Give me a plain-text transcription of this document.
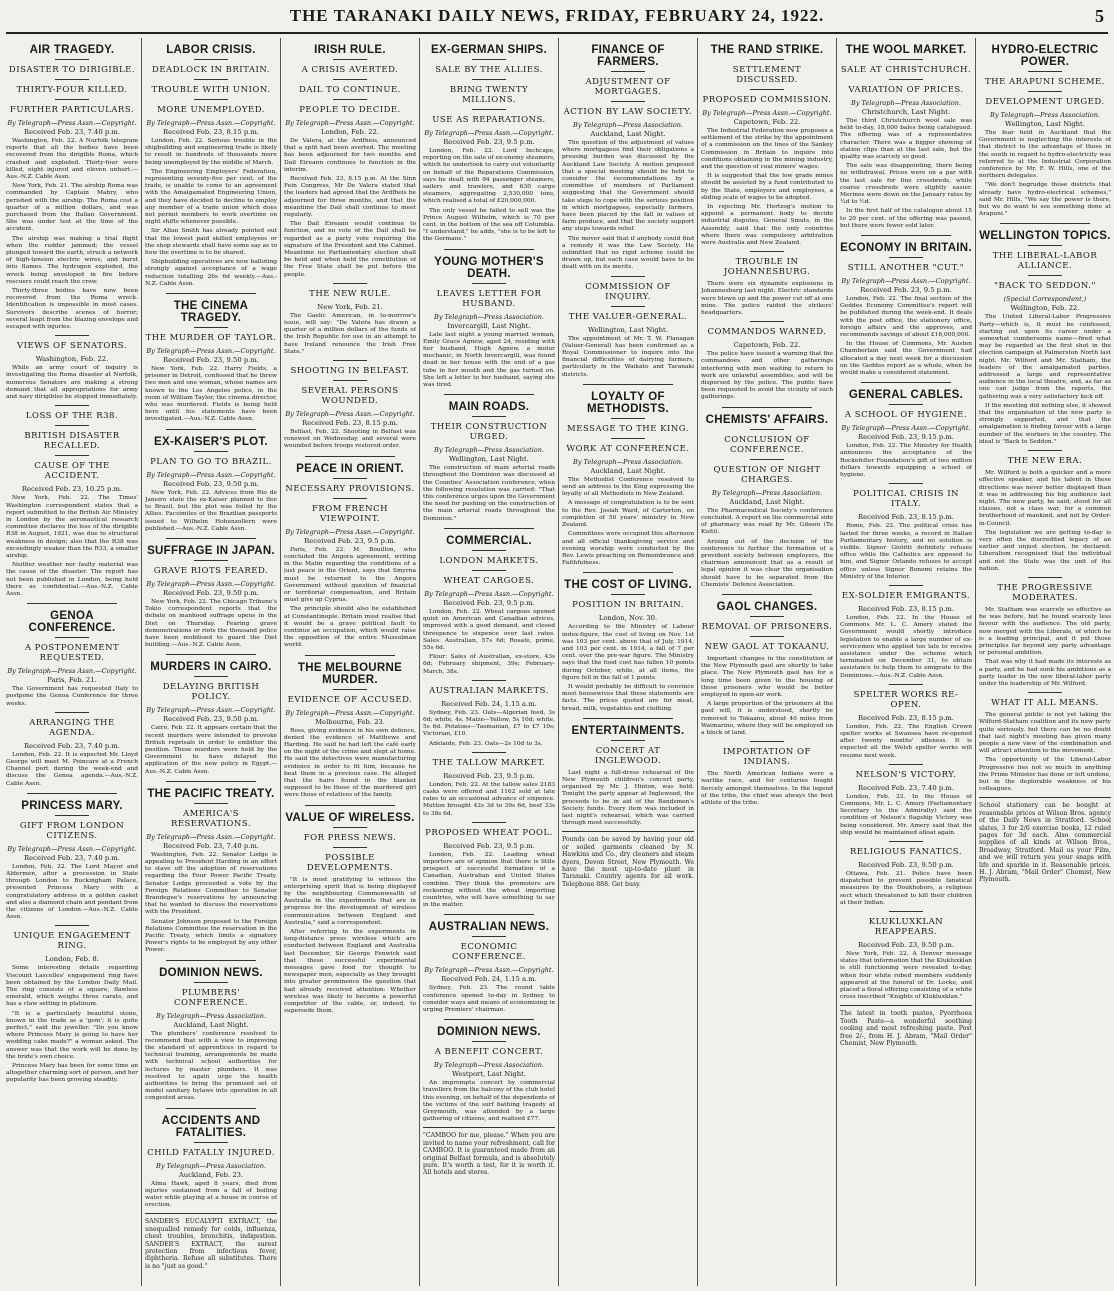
THE TARANAKI DAILY NEWS, FRIDAY, FEBRUARY 24, 1922.	5
AIR TRAGEDY.
DISASTER TO DIRIGIBLE.
THIRTY-FOUR KILLED.
FURTHER PARTICULARS.
By Telegraph—Press Assn.—Copyright.
Received Feb. 23, 7.40 p.m.

Washington, Feb. 22. A Norfolk telegram reports that all the bodies have been recovered from the dirigible Roma, which crashed and exploded. Thirty-four were killed, eight injured and eleven unhurt.—Aus.-N.Z. Cable Assn.

New York, Feb. 21. The airship Roma was commanded by Captain Mabry, who perished with the airship. The Roma cost a quarter of a million dollars, and was purchased from the Italian Government. She was under test at the time of the accident.

The airship was making a trial flight when the rudder jammed; the vessel plunged toward the earth, struck a network of high-tension electric wires, and burst into flames. The hydrogen exploded, the wreck being enveloped in fire before rescuers could reach the crew.

Thirty-three bodies have now been recovered from the Roma wreck. Identification is impossible in most cases. Survivors describe scenes of horror; several leapt from the blazing envelope and escaped with injuries.

VIEWS OF SENATORS.
Washington, Feb. 22.

While an army court of inquiry is investigating the Roma disaster at Norfolk, numerous Senators are making a strong demand that all appropriations for army and navy dirigibles be stopped immediately.

LOSS OF THE R38.
BRITISH DISASTER RECALLED.
CAUSE OF THE ACCIDENT.
Received Feb. 23, 10.25 p.m.

New York, Feb. 22. The Times' Washington correspondent states that a report submitted to the British Air Ministry in London by the aeronautical research committee declares the loss of the dirigible R38 in August, 1921, was due to structural weakness in design; also that the R38 was exceedingly weaker than the R33, a smaller airship.

Neither weather nor faulty material was the cause of the disaster. The report has not been published in London, being held there as confidential.—Aus.-N.Z. Cable Assn.

GENOA CONFERENCE.
A POSTPONEMENT REQUESTED.
By Telegraph—Press Assn.—Copyright.
Paris, Feb. 21.

The Government has requested Italy to postpone the Genoa Conference for three weeks.

ARRANGING THE AGENDA.
Received Feb. 23, 7.40 p.m.

London, Feb. 22. It is expected Mr. Lloyd George will meet M. Poincare at a French Channel port during the week-end and discuss the Genoa agenda.—Aus.-N.Z. Cable Assn.

PRINCESS MARY.
GIFT FROM LONDON CITIZENS.
By Telegraph—Press Assn.—Copyright.
Received Feb. 23, 7.40 p.m.

London, Feb. 22. The Lord Mayor and Aldermen, after a procession in State through London to Buckingham Palace, presented Princess Mary with a congratulatory address in a golden casket and also a diamond chain and pendant from the citizens of London.—Aus.-N.Z. Cable Assn.

UNIQUE ENGAGEMENT RING.
London, Feb. 8.

Some interesting details regarding Viscount Lascelles' engagement ring have been obtained by the London Daily Mail. The ring consists of a square, flawless emerald, which weighs three carats, and has a claw setting in platinum.

"It is a particularly beautiful stone, known in the trade as a 'gem'; it is quite perfect," said the jeweller. "Do you know where Princess Mary is going to have her wedding cake made?" a woman asked. The answer was that the work will be done by the bride's own choice.

Princess Mary has been for some time an altogether charming sort of person, and her popularity has been growing steadily.

LABOR CRISIS.
DEADLOCK IN BRITAIN.
TROUBLE WITH UNION.
MORE UNEMPLOYED.
By Telegraph—Press Assn.—Copyright.
Received Feb. 23, 8.15 p.m.

London, Feb. 22. Serious trouble in the shipbuilding and engineering trade is likely to result in hundreds of thousands more being unemployed by the middle of March.

The Engineering Employers' Federation, representing seventy-five per cent. of the trade, is unable to come to an agreement with the Amalgamated Engineering Union, and they have decided to decline to employ any member of a trade union which does not permit members to work overtime on night shifts whenever possible.

Sir Allan Smith has already pointed out that the lowest paid skilled employees or the shop stewards shall have some say as to how the overtime is to be shared.

Shipbuilding operatives are now balloting strongly against acceptance of a wage reduction totalling 26s 6d weekly.—Aus.-N.Z. Cable Assn.

THE CINEMA TRAGEDY.
THE MURDER OF TAYLOR.
By Telegraph—Press Assn.—Copyright.
Received Feb. 23, 9.50 p.m.

New York, Feb. 22. Harry Fields, a prisoner in Detroit, confessed that he threw two men and one woman, whose names are known to the Los Angeles police, in the room of William Taylor, the cinema director, who was murdered. Fields is being held here until his statements have been investigated.—Aus.-N.Z. Cable Assn.

EX-KAISER'S PLOT.
PLAN TO GO TO BRAZIL.
By Telegraph—Press Assn.—Copyright.
Received Feb. 23, 9.50 p.m.

New York, Feb. 22. Advices from Rio de Janeiro state the ex-Kaiser planned to flee to Brazil, but the plot was foiled by the Allies. Facsimiles of the Brazilian passports issued to Wilhelm Hohenzollern were published.—Aus.-N.Z. Cable Assn.

SUFFRAGE IN JAPAN.
GRAVE RIOTS FEARED.
By Telegraph—Press Assn.—Copyright.
Received Feb. 23, 9.50 p.m.

New York, Feb. 22. The Chicago Tribune's Tokio correspondent reports that the debate on manhood suffrage opens in the Diet on Thursday. Fearing grave demonstrations or riots the thousand police have been mobilised to guard the Diet building.—Aus.-N.Z. Cable Assn.

MURDERS IN CAIRO.
DELAYING BRITISH POLICY.
By Telegraph—Press Assn.—Copyright.
Received Feb. 23, 9.50 p.m.

Cairo, Feb. 22. It appears certain that the recent murders were intended to provoke British reprisals in order to embitter the position. These murders were held by the Government to have delayed the application of the new policy in Egypt.—Aus.-N.Z. Cable Assn.

THE PACIFIC TREATY.
AMERICA'S RESERVATIONS.
By Telegraph—Press Assn.—Copyright.
Received Feb. 23, 7.40 p.m.

Washington, Feb. 22. Senator Lodge is appealing to President Harding in an effort to stave off the adoption of reservations regarding the Four Power Pacific Treaty. Senator Lodge proceeded a vote by the Foreign Relations Committee to Senator Brandegee's reservations by announcing that he wanted to discuss the reservations with the President.

Senator Johnson proposed to the Foreign Relations Committee the reservation in the Pacific Treaty, which limits a signatory Power's rights to be employed by any other Power.

DOMINION NEWS.
PLUMBERS' CONFERENCE.
By Telegraph—Press Association.
Auckland, Last Night.

The plumbers' conference resolved to recommend that with a view to improving the standard of apprentices in regard to technical training, arrangements be made with technical school authorities for lectures by master plumbers. It was resolved to again urge the health authorities to bring the promised set of model sanitary bylaws into operation in all congested areas.

ACCIDENTS AND FATALITIES.
CHILD FATALLY INJURED.
By Telegraph—Press Association.
Auckland, Feb. 23.

Alma Hawk, aged 8 years, died from injuries sustained from a fall of boiling water while playing at a house in course of erection.

SANDER'S EUCALYPTI EXTRACT, the unequalled remedy for colds, influenza, chest troubles, bronchitis, indigestion. SANDER'S EXTRACT, the surest protection from infectious fever, diphtheria. Refuse all substitutes. There is no "just as good."

IRISH RULE.
A CRISIS AVERTED.
DAIL TO CONTINUE.
PEOPLE TO DECIDE.
By Telegraph—Press Assn.—Copyright.
London, Feb. 22.

De Valera, at the Ardfheis, announced that a split had been averted. The meeting has been adjourned for two months and Dail Eireann continues to function in the interim.

Received Feb. 23, 8.15 p.m. At the Sinn Fein Congress, Mr De Valera stated that the leaders had agreed that the Ardfheis be adjourned for three months, and that the meantime the Dail shall continue to meet regularly.

The Dail Eireann would continue to function, and no vote of the Dail shall be regarded as a party vote requiring the signature of the President and the Cabinet. Meantime no Parliamentary election shall be held and when held the constitution of the Free State shall be put before the people.

THE NEW RULE.
New York, Feb. 21.

The Gaelic American, in to-morrow's issue, will say: "De Valera has drawn a quarter of a million dollars of the funds of the Irish Republic for use in an attempt to have Ireland renounce the Irish Free State."

SHOOTING IN BELFAST.
SEVERAL PERSONS WOUNDED.
By Telegraph—Press Assn.—Copyright.
Received Feb. 23, 8.15 p.m.

Belfast, Feb. 22. Shooting in Belfast was renewed on Wednesday, and several were wounded before troops restored order.

PEACE IN ORIENT.
NECESSARY PROVISIONS.
FROM FRENCH VIEWPOINT.
By Telegraph—Press Assn.—Copyright.
Received Feb. 23, 9.5 p.m.

Paris, Feb. 22. M. Bouillon, who concluded the Angora agreement, writing in the Matin regarding the conditions of a just peace in the Orient, says that Smyrna must be returned to the Angora Government without question of financial or territorial compensation, and Britain must give up Cyprus.

The principle should also be established at Constantinople. Britain must realise that it would be a grave political fault to continue an occupation, which would raise the opposition of the entire Mussulman world.

THE MELBOURNE MURDER.
EVIDENCE OF ACCUSED.
By Telegraph—Press Assn.—Copyright.
Melbourne, Feb. 23.

Ross, giving evidence in his own defence, denied the evidence of Matthews and Harding. He said he had left the café early on the night of the crime and slept at home. He said the detectives were manufacturing evidence in order to fit him, because he beat them in a previous case. He alleged that the hairs found in the blanket supposed to be those of the murdered girl were those of relatives of the family.

VALUE OF WIRELESS.
FOR PRESS NEWS.
POSSIBLE DEVELOPMENTS.

"It is most gratifying to witness the enterprising spirit that is being displayed by the neighbouring Commonwealth of Australia in the experiments that are in progress for the development of wireless communication between England and Australia," said a correspondent.

After referring to the experiments in long-distance press wireless which are conducted between England and Australia last December, Sir George Fenwick said that these successful experimental messages gave food for thought to newspaper men, especially as they brought into greater prominence the question that had already received attention: Whether wireless was likely to become a powerful competitor of the cable, or, indeed, to supersede them.

EX-GERMAN SHIPS.
SALE BY THE ALLIES.
BRING TWENTY MILLIONS.
USE AS REPARATIONS.
By Telegraph—Press Assn.—Copyright.
Received Feb. 23, 9.5 p.m.

London, Feb. 22. Lord Inchcape, reporting on the sale of ex-enemy steamers, which he undertook to carry out voluntarily on behalf of the Reparations Commission, says he dealt with 94 passenger steamers, sailers and trawlers, and 630 cargo steamers, aggregating 2,530,000 tons, which realised a total of £20,000,000.

The only vessel he failed to sell was the Prince August Wilhelm, which is 70 per cent. in the bottom of the sea off Columbia. "I understand," he adds, "she is to be left to the Germans."

YOUNG MOTHER'S DEATH.
LEAVES LETTER FOR HUSBAND.
By Telegraph—Press Association.
Invercargill, Last Night.

Late last night a young married woman, Emily Grace Agnew, aged 24, residing with her husband, Hugh Agnew, a motor mechanic, in North Invercargill, was found dead in her house with the end of a gas tube in her mouth and the gas turned on. She left a letter to her husband, saying she was tired.

MAIN ROADS.
THEIR CONSTRUCTION URGED.
By Telegraph—Press Association.
Wellington, Last Night.

The construction of main arterial roads throughout the Dominion was discussed at the Counties' Association conference, when the following resolution was carried: "That this conference urges upon the Government the need for pushing on the construction of the main arterial roads throughout the Dominion."

COMMERCIAL.
LONDON MARKETS.
WHEAT CARGOES.
By Telegraph—Press Assn.—Copyright.
Received Feb. 23, 9.5 p.m.

London, Feb. 22. Wheat cargoes opened quiet on American and Canadian advices, improved with a good demand, and closed threepence to sixpence over last rates. Sales: Australian, 57s 6d; Rosafe, prime, 55s 6d.

Flour: Sales of Australian, ex-store, 43s 6d; February shipment, 39s; February-March, 38s.

AUSTRALIAN MARKETS.
Received Feb. 24, 1.15 a.m.

Sydney, Feb. 23. Oats—Algerian feed, 3s 6d; white, 4s. Maize—Yellow, 5s 10d; white, 5s 6d. Potatoes—Tasmanian, £7 to £7 10s; Victorian, £10.

Adelaide, Feb. 23. Oats—2s 10d to 3s.

THE TALLOW MARKET.
Received Feb. 23, 9.5 p.m.

London, Feb. 22. At the tallow sales 2183 casks were offered and 1162 sold at late rates to an occasional advance of sixpence. Mutton brought 42s 3d to 39s 6d, beef 33s to 38s 6d.

PROPOSED WHEAT POOL.
Received Feb. 23, 9.5 p.m.

London, Feb. 22. Leading wheat importers are of opinion that there is little prospect of successful formation of a Canadian, Australian and United States combine. They think the promoters are reckoning without the wheat importing countries, who will have something to say in the matter.

AUSTRALIAN NEWS.
ECONOMIC CONFERENCE.
By Telegraph—Press Assn.—Copyright.
Received Feb. 24, 1.15 a.m.

Sydney, Feb. 23. The round table conference opened to-day in Sydney to consider ways and means of economising in urging Premiers' chairman.

DOMINION NEWS.
A BENEFIT CONCERT.
By Telegraph—Press Association.
Westport, Last Night.

An impromptu concert by commercial travellers from the balcony of the club hotel this evening, on behalf of the dependents of the victims of the surf bathing tragedy at Greymouth, was attended by a large gathering of citizens, and realised £77.

"CAMBOO for me, please." When you are invited to name your refreshment, call for CAMBOO. It is guaranteed made from an original Belfast formula, and is absolutely pure. It's worth a test, for it is worth it. All hotels and stores.

FINANCE OF FARMERS.
ADJUSTMENT OF MORTGAGES.
ACTION BY LAW SOCIETY.
By Telegraph—Press Association.
Auckland, Last Night.

The question of the adjustment of values where mortgagees find their obligations a pressing burden was discussed by the Auckland Law Society. A motion proposed that a special meeting should be held to consider the recommendations by a committee of members of Parliament suggesting that the Government should take steps to cope with the serious position in which mortgagees, especially farmers, have been placed by the fall in values of farm produce, and that the society support any steps towards relief.

The mover said that if anybody could find a remedy it was the Law Society. He submitted that no rigid scheme could be drawn up, but each case would have to be dealt with on its merits.

COMMISSION OF INQUIRY.
THE VALUER-GENERAL.
Wellington, Last Night.

The appointment of Mr. T. W. Flanagan (Valuer-General) has been confirmed as a Royal Commissioner to inquire into the financial difficulties of dairying farmers, particularly in the Waikato and Taranaki districts.

LOYALTY OF METHODISTS.
MESSAGE TO THE KING.
WORK AT CONFERENCE.
By Telegraph—Press Association.
Auckland, Last Night.

The Methodist Conference resolved to send an address to the King expressing the loyalty of all Methodists in New Zealand.

A message of congratulation is to be sent to the Rev. Josiah Ward, of Carterton, on completion of 50 years' ministry in New Zealand.

Committees were occupied this afternoon and all official thanksgiving service and evening worship were conducted by the Rev. Lewis preaching on Remembrance and Faithfulness.

THE COST OF LIVING.
POSITION IN BRITAIN.
London, Nov. 30.

According to the Ministry of Labour index-figure, the cost of living on Nov. 1st was 103 per cent. above that of July, 1914, and 103 per cent. in 1914, a fall of 7 per cent. over the pre-war figure. The Ministry says that the food cost has fallen 10 points during October, while, at all items, the figure fell in the fall of 1 points.

It would probably be difficult to convince most housewives that these statements are facts. The prices quoted are for meat, bread, milk, vegetables and clothing.

ENTERTAINMENTS.
CONCERT AT INGLEWOOD.

Last night a full-dress rehearsal of the New Plymouth children's concert party, organised by Mr. J. Hinton, was held. Tonight the party appear at Inglewood, the proceeds to be in aid of the Bandsmen's Society funds. Every item was included in last night's rehearsal, which was carried through most successfully.

Pounds can be saved by having your old or soiled garments cleaned by N. Hawkins and Co., dry cleaners and steam dyers, Devon Street, New Plymouth. We have the most up-to-date plant in Taranaki. Country agents for all work. Telephone 888. Get busy.

THE RAND STRIKE.
SETTLEMENT DISCUSSED.
PROPOSED COMMISSION.
By Telegraph—Press Assn.—Copyright.
Capetown, Feb. 22.

The Industrial Federation now proposes a settlement of the strike by the appointment of a commission on the lines of the Sankey Commission in Britain to inquire into conditions obtaining in the mining industry, and the question of coal miners' wages.

It is suggested that the low grade mines should be assisted by a fund contributed to by the State, employers and employees, a sliding scale of wages to be adopted.

In rejecting Mr. Hertzog's motion to appoint a permanent body to decide industrial disputes, General Smuts, in the Assembly, said that the only countries where there was compulsory arbitration were Australia and New Zealand.

TROUBLE IN JOHANNESBURG.

There were six dynamite explosions in Johannesburg last night. Electric standards were blown up and the power cut off at one mine. The police raided the strikers' headquarters.

COMMANDOS WARNED.
Capetown, Feb. 22.

The police have issued a warning that the commandoes and other gatherings interfering with men waiting to return to work are unlawful assemblies, and will be dispersed by the police. The public have been requested to avoid the vicinity of such gatherings.

CHEMISTS' AFFAIRS.
CONCLUSION OF CONFERENCE.
QUESTION OF NIGHT CHARGES.
By Telegraph—Press Association.
Auckland, Last Night.

The Pharmaceutical Society's conference concluded. A report on the commercial side of pharmacy was read by Mr. Gibson (Te Kuiti).

Arising out of the decision of the conference to further the formation of a provident society between employers, the chairman announced that as a result of legal opinion it was clear the organisation should have to be separated from the Chemists' Defence Association.

GAOL CHANGES.
REMOVAL OF PRISONERS.
NEW GAOL AT TOKAANU.

Important changes in the constitution of the New Plymouth gaol are shortly to take place. The New Plymouth gaol has for a long time been given to the housing of those prisoners who would be better employed in open-air work.

A large proportion of the prisoners at the gaol will, it is understood, shortly be removed to Tokaanu, about 40 miles from Waimarino, where they will be employed on a block of land.

IMPORTATION OF INDIANS.

The North American Indians were a warlike race, and for centuries fought fiercely amongst themselves. In the legend of the tribe, the chief was always the best athlete of the tribe.

THE WOOL MARKET.
SALE AT CHRISTCHURCH.
VARIATION OF PRICES.
By Telegraph—Press Association.
Christchurch, Last Night.

The third Christchurch wool sale was held to-day, 18,000 bales being catalogued. The offering was of a representative character. There was a bigger showing of station clips than at the last sale, but the quality was scarcely so good.

The sale was disappointing, there being no withdrawal. Prices were on a par with the last sale for fine crossbreds, while coarse crossbreds were slightly easier. Merinos were down on the January rates by ¼d to ½d.

In the first half of the catalogue about 15 to 20 per cent. of the offering was passed, but there were fewer sold later.

ECONOMY IN BRITAIN.
STILL ANOTHER "CUT."
By Telegraph—Press Assn.—Copyright.
Received Feb. 23, 9.5 p.m.

London, Feb. 22. The final section of the Geddes Economy Committee's report will be published during the week-end. It deals with the post office, the stationery office, foreign affairs and the approves, and recommends savings of about £16,000,000.

In the House of Commons, Mr. Austen Chamberlain said the Government had allocated a day next week for a discussion on the Geddes report as a whole, when he would make a considered statement.

GENERAL CABLES.
A SCHOOL OF HYGIENE.
By Telegraph—Press Assn.—Copyright.
Received Feb. 23, 9.15 p.m.

London, Feb. 22. The Ministry for Health announces the acceptance of the Rockefeller Foundation's gift of two million dollars towards equipping a school of hygiene.

POLITICAL CRISIS IN ITALY.
Received Feb. 23, 8.15 p.m.

Rome, Feb. 22. The political crisis has lasted for three weeks, a record in Italian Parliamentary history, and no solution is visible. Signor Giolitti definitely refuses office while the Catholics are opposed to him, and Signor Orlando refuses to accept office unless Signor Bonomi retains the Ministry of the Interior.

EX-SOLDIER EMIGRANTS.
Received Feb. 23, 8.15 p.m.

London, Feb. 22. In the House of Commons Mr. L. C. Amery stated the Government would shortly introduce legislation to enable a large number of ex-servicemen who applied too late to receive assistance under the scheme which terminated on December 31, to obtain assistance to help them to emigrate to the Dominions.—Aus.-N.Z. Cable Assn.

SPELTER WORKS RE-OPEN.
Received Feb. 23, 8.15 p.m.

London, Feb. 22. The English Crown spelter works at Swansea have re-opened after twenty months' idleness. It is expected all the Welsh spelter works will resume next week.

NELSON'S VICTORY.
Received Feb. 23, 7.40 p.m.

London, Feb. 22. In the House of Commons, Mr. L. C. Amery (Parliamentary Secretary to the Admiralty) said the condition of Nelson's flagship Victory was being considered. Mr. Amery said that the ship would be maintained afloat again.

RELIGIOUS FANATICS.
Received Feb. 23, 9.50 p.m.

Ottawa, Feb. 21. Police have been dispatched to prevent possible fanatical measures by the Doukhobors, a religious sect which threatened to kill their children at their Indian.

KLUKLUXKLAN REAPPEARS.
Received Feb. 23, 9.50 p.m.

New York, Feb. 22. A Denver message states that information that the Klukluxklan is still functioning were revealed to-day, when four white robed members suddenly appeared at the funeral of Dr. Locke, and placed a floral offering consisting of a white cross inscribed "Knights of Klukluxklan."

The latest in tooth pastes, Pyorrhoea Tooth Paste—a wonderful soothing cooling and most refreshing paste. Post free 2/-, from H. J. Abram, "Mail Order" Chemist, New Plymouth.

HYDRO-ELECTRIC POWER.
THE ARAPUNI SCHEME.
DEVELOPMENT URGED.
By Telegraph—Press Association.
Wellington, Last Night.

The fear held in Auckland that the Government is neglecting the interests of that district to the advantage of those in the south in regard to hydro-electricity was referred to at the Industrial Corporation conference by Mr. F. W. Hills, one of the northern delegates.

"We don't begrudge those districts that already have hydro-electrical schemes," said Mr. Hills. "We say the power is there, but we do want to see something done at Arapuni."

WELLINGTON TOPICS.
THE LIBERAL-LABOR ALLIANCE.
"BACK TO SEDDON."
(Special Correspondent.)
Wellington, Feb. 22.

The United Liberal-Labor Progressive Party—which is, it must be confessed, starting out upon its career under a somewhat cumbersome name—fired what may be regarded as the first shot in the election campaign at Palmerston North last night. Mr. Wilford and Mr. Statham, the leaders of the amalgamated parties, addressed a large and representative audience in the local theatre, and, as far as one can judge from the reports, the gathering was a very satisfactory kick off.

If the meeting did nothing else, it showed that the organisation of the new party is strongly supported, and that the amalgamation is finding favour with a large number of the workers in the country. The ideal is "Back to Seddon."

THE NEW ERA.

Mr. Wilford is both a quicker and a more effective speaker, and his talent in these directions was never better displayed than it was in addressing his big audience last night. The new party, he said, stood for all classes, not a class war, for a common brotherhood of mankind, and not by Order-in-Council.

The legislation we are getting to-day is very often the discredited legacy of an earlier and unjust election, he declared. Liberalism recognised that the individual and not the State was the unit of the nation.

THE PROGRESSIVE MODERATES.

Mr. Statham was scarcely so effective as he was before, but he found scarcely less favour with the audience. The old party, now merged with the Liberals, of which he is a leading principal, and it put those principles far beyond any party advantage or personal ambition.

That was why it had made its interests as a party, and he had sunk his ambitions as a party leader in the new liberal-labor party under the leadership of Mr. Wilford.

WHAT IT ALL MEANS.

The general public is not yet taking the Wilford-Statham coalition and its new party quite seriously, but there can be no doubt that last night's meeting has given many people a new view of the combination and will attract attention to the movement.

The opportunity of the Liberal-Labor Progressive lies not so much in anything the Prime Minister has done or left undone, but in the deplorable weakness of his colleagues.

School stationery can be bought at reasonable prices at Wilson Bros. agency of the Daily News in Stratford. School slates, 3 for 2/6 exercise books, 12 ruled pages for 3d each. Also commercial supplies of all kinds at Wilson Bros., Broadway, Stratford. Mail us your Film, and we will return you your snaps with life and sparkle in it. Reasonable prices. H. J. Abram, "Mail Order" Chemist, New Plymouth.
